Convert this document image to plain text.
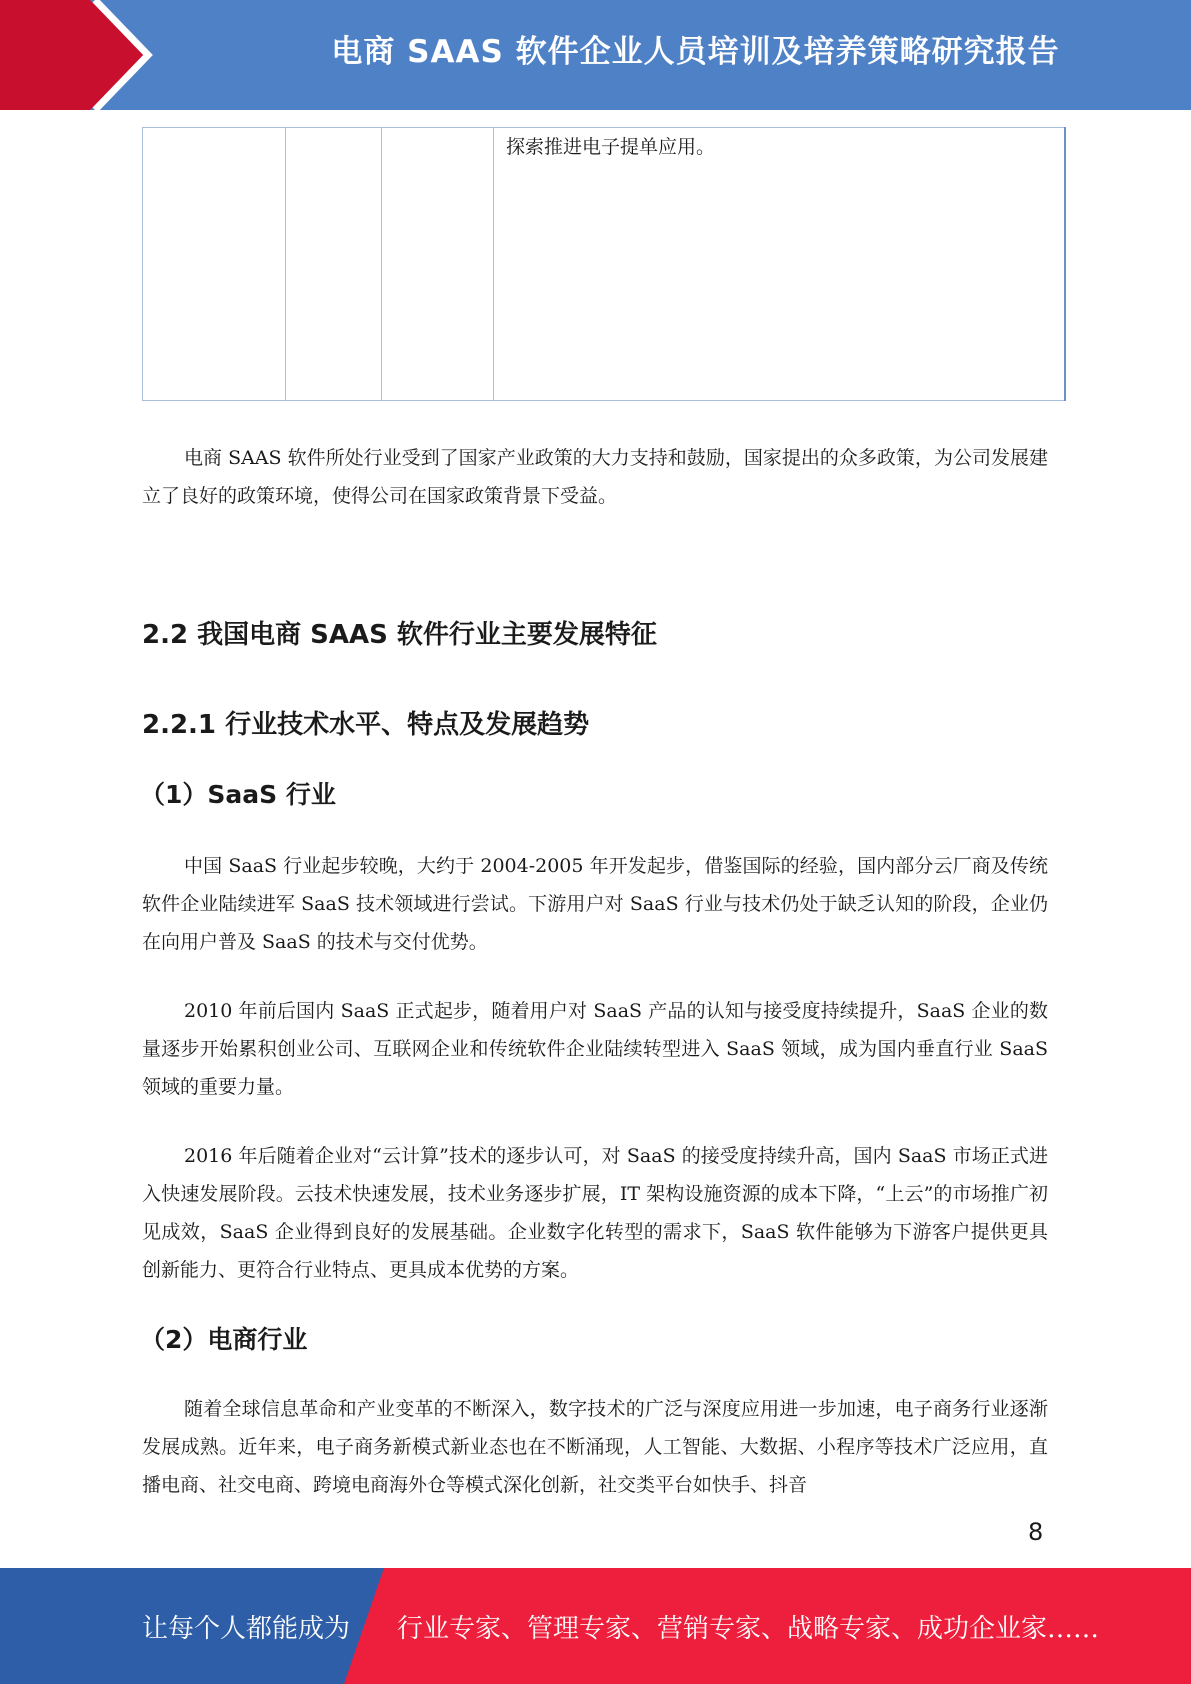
电商 SAAS 软件企业人员培训及培养策略研究报告
			探索推进电子提单应用。

电商 SAAS 软件所处行业受到了国家产业政策的大力支持和鼓励，国家提出的众多政策，为公司发展建立了良好的政策环境，使得公司在国家政策背景下受益。

2.2 我国电商 SAAS 软件行业主要发展特征
2.2.1 行业技术水平、特点及发展趋势
（1）SaaS 行业

中国 SaaS 行业起步较晚，大约于 2004-2005 年开发起步，借鉴国际的经验，国内部分云厂商及传统软件企业陆续进军 SaaS 技术领域进行尝试。下游用户对 SaaS 行业与技术仍处于缺乏认知的阶段，企业仍在向用户普及 SaaS 的技术与交付优势。

2010 年前后国内 SaaS 正式起步，随着用户对 SaaS 产品的认知与接受度持续提升，SaaS 企业的数量逐步开始累积创业公司、互联网企业和传统软件企业陆续转型进入 SaaS 领域，成为国内垂直行业 SaaS 领域的重要力量。

2016 年后随着企业对“云计算”技术的逐步认可，对 SaaS 的接受度持续升高，国内 SaaS 市场正式进入快速发展阶段。云技术快速发展，技术业务逐步扩展，IT 架构设施资源的成本下降，“上云”的市场推广初见成效，SaaS 企业得到良好的发展基础。企业数字化转型的需求下，SaaS 软件能够为下游客户提供更具创新能力、更符合行业特点、更具成本优势的方案。

（2）电商行业

随着全球信息革命和产业变革的不断深入，数字技术的广泛与深度应用进一步加速，电子商务行业逐渐发展成熟。近年来，电子商务新模式新业态也在不断涌现，人工智能、大数据、小程序等技术广泛应用，直播电商、社交电商、跨境电商海外仓等模式深化创新，社交类平台如快手、抖音

8
让每个人都能成为 行业专家、管理专家、营销专家、战略专家、成功企业家……
